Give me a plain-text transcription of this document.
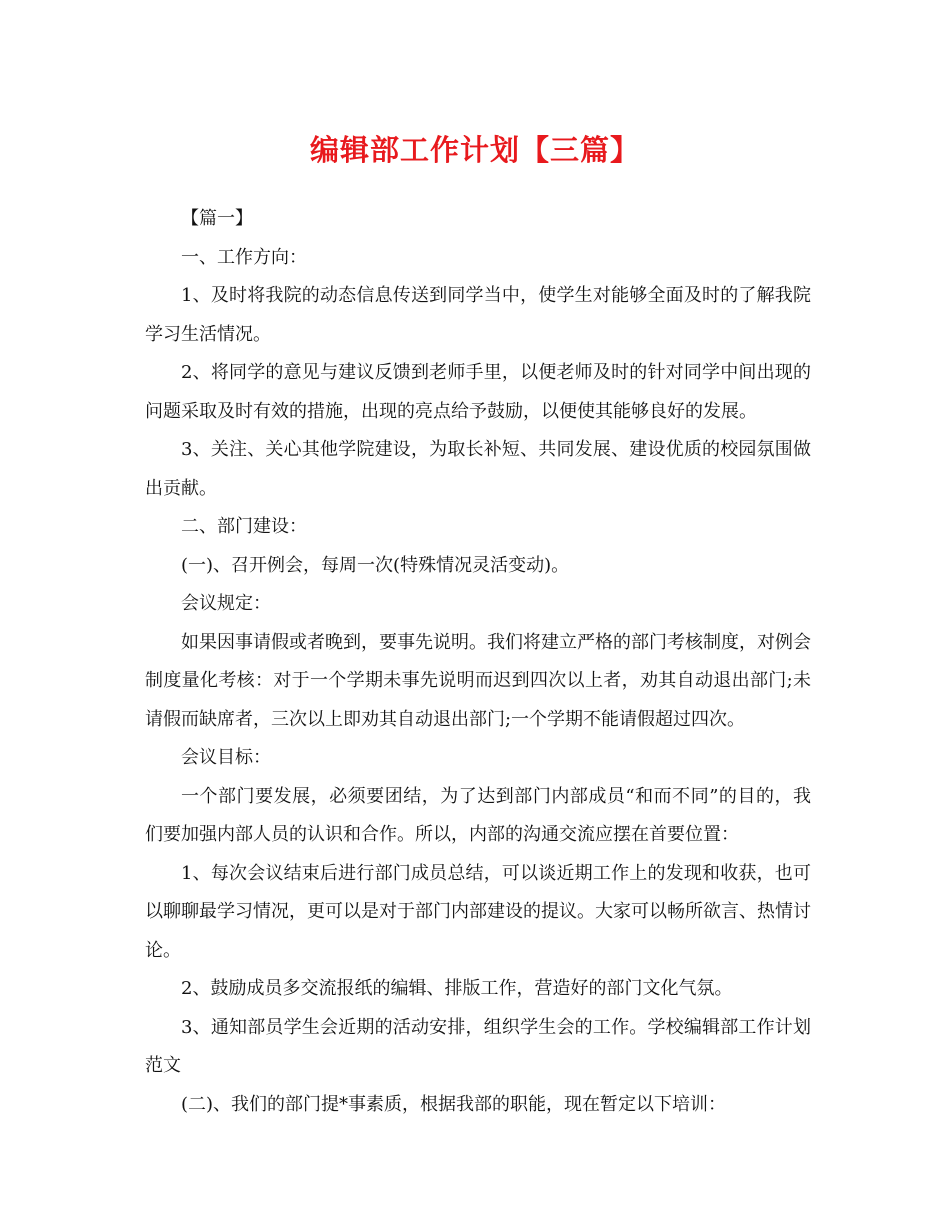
编辑部工作计划【三篇】

【篇一】

一、工作方向：

1、及时将我院的动态信息传送到同学当中，使学生对能够全面及时的了解我院学习生活情况。

2、将同学的意见与建议反馈到老师手里，以便老师及时的针对同学中间出现的问题采取及时有效的措施，出现的亮点给予鼓励，以便使其能够良好的发展。

3、关注、关心其他学院建设，为取长补短、共同发展、建设优质的校园氛围做出贡献。

二、部门建设：

(一)、召开例会，每周一次(特殊情况灵活变动)。

会议规定：

如果因事请假或者晚到，要事先说明。我们将建立严格的部门考核制度，对例会制度量化考核：对于一个学期未事先说明而迟到四次以上者，劝其自动退出部门;未请假而缺席者，三次以上即劝其自动退出部门;一个学期不能请假超过四次。

会议目标：

一个部门要发展，必须要团结，为了达到部门内部成员“和而不同”的目的，我们要加强内部人员的认识和合作。所以，内部的沟通交流应摆在首要位置：

1、每次会议结束后进行部门成员总结，可以谈近期工作上的发现和收获，也可以聊聊最学习情况，更可以是对于部门内部建设的提议。大家可以畅所欲言、热情讨论。

2、鼓励成员多交流报纸的编辑、排版工作，营造好的部门文化气氛。

3、通知部员学生会近期的活动安排，组织学生会的工作。学校编辑部工作计划范文

(二)、我们的部门提*事素质，根据我部的职能，现在暂定以下培训：
